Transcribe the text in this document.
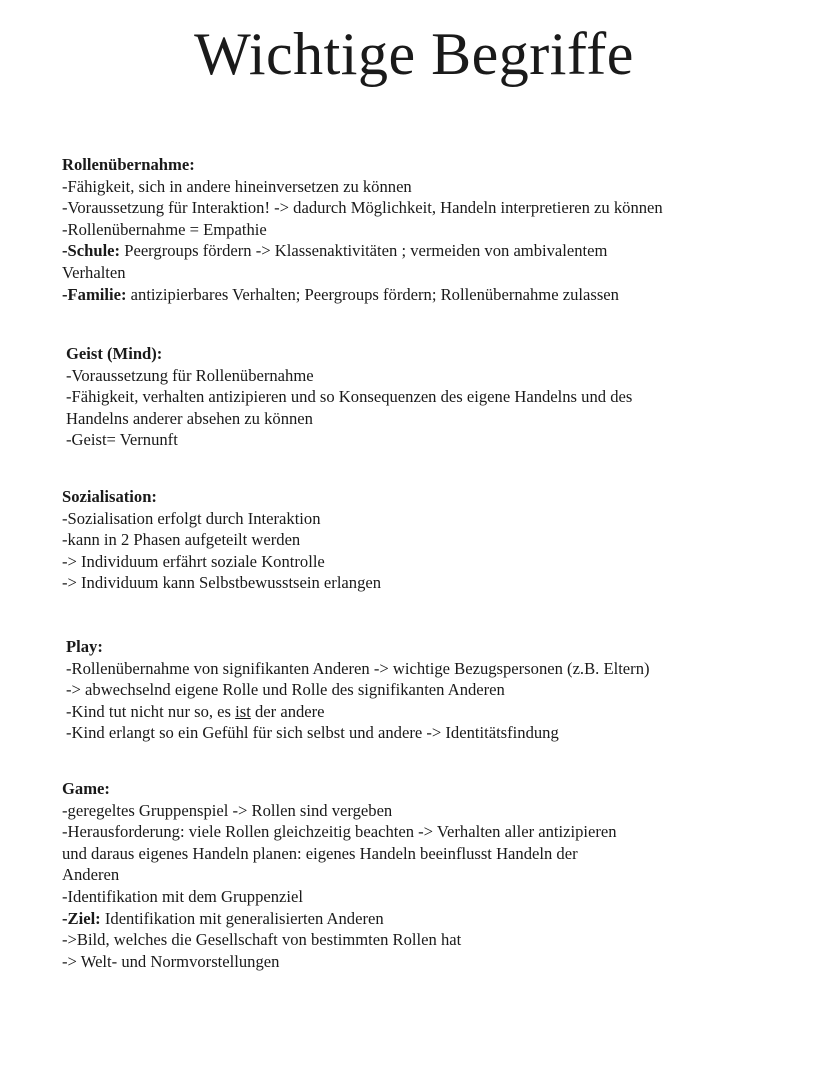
Wichtige Begriffe

Rollenübernahme:

-Fähigkeit, sich in andere hineinversetzen zu können

-Voraussetzung für Interaktion! -> dadurch Möglichkeit, Handeln interpretieren zu können

-Rollenübernahme = Empathie

-Schule: Peergroups fördern -> Klassenaktivitäten ; vermeiden von ambivalentem

Verhalten

-Familie: antizipierbares Verhalten; Peergroups fördern; Rollenübernahme zulassen

Geist (Mind):

-Voraussetzung für Rollenübernahme

-Fähigkeit, verhalten antizipieren und so Konsequenzen des eigene Handelns und des

Handelns anderer absehen zu können

-Geist= Vernunft

Sozialisation:

-Sozialisation erfolgt durch Interaktion

-kann in 2 Phasen aufgeteilt werden

-> Individuum erfährt soziale Kontrolle

-> Individuum kann Selbstbewusstsein erlangen

Play:

-Rollenübernahme von signifikanten Anderen -> wichtige Bezugspersonen (z.B. Eltern)

-> abwechselnd eigene Rolle und Rolle des signifikanten Anderen

-Kind tut nicht nur so, es ist der andere

-Kind erlangt so ein Gefühl für sich selbst und andere -> Identitätsfindung

Game:

-geregeltes Gruppenspiel -> Rollen sind vergeben

-Herausforderung: viele Rollen gleichzeitig beachten -> Verhalten aller antizipieren

und daraus eigenes Handeln planen: eigenes Handeln beeinflusst Handeln der

Anderen

-Identifikation mit dem Gruppenziel

-Ziel: Identifikation mit generalisierten Anderen

->Bild, welches die Gesellschaft von bestimmten Rollen hat

-> Welt- und Normvorstellungen
